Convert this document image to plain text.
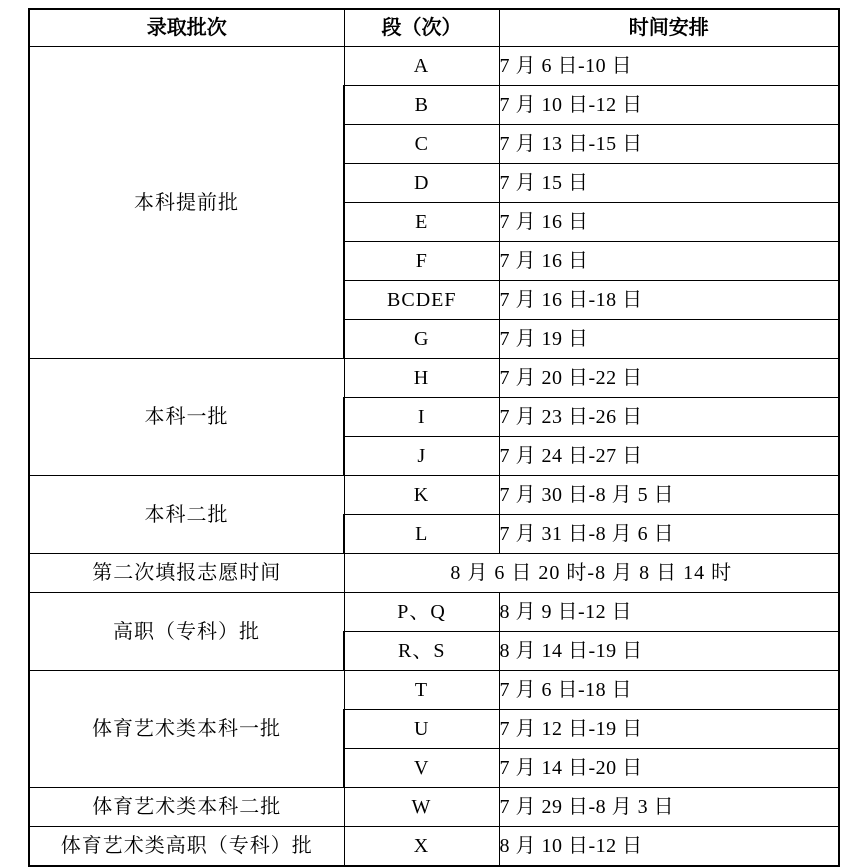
录取批次	段（次）	时间安排
本科提前批	A	7 月 6 日-10 日
	B	7 月 10 日-12 日
	C	7 月 13 日-15 日
	D	7 月 15 日
	E	7 月 16 日
	F	7 月 16 日
	BCDEF	7 月 16 日-18 日
	G	7 月 19 日
本科一批	H	7 月 20 日-22 日
	I	7 月 23 日-26 日
	J	7 月 24 日-27 日
本科二批	K	7 月 30 日-8 月 5 日
	L	7 月 31 日-8 月 6 日
第二次填报志愿时间	8 月 6 日 20 时-8 月 8 日 14 时	
高职（专科）批	P、Q	8 月 9 日-12 日
	R、S	8 月 14 日-19 日
体育艺术类本科一批	T	7 月 6 日-18 日
	U	7 月 12 日-19 日
	V	7 月 14 日-20 日
体育艺术类本科二批	W	7 月 29 日-8 月 3 日
体育艺术类高职（专科）批	X	8 月 10 日-12 日
